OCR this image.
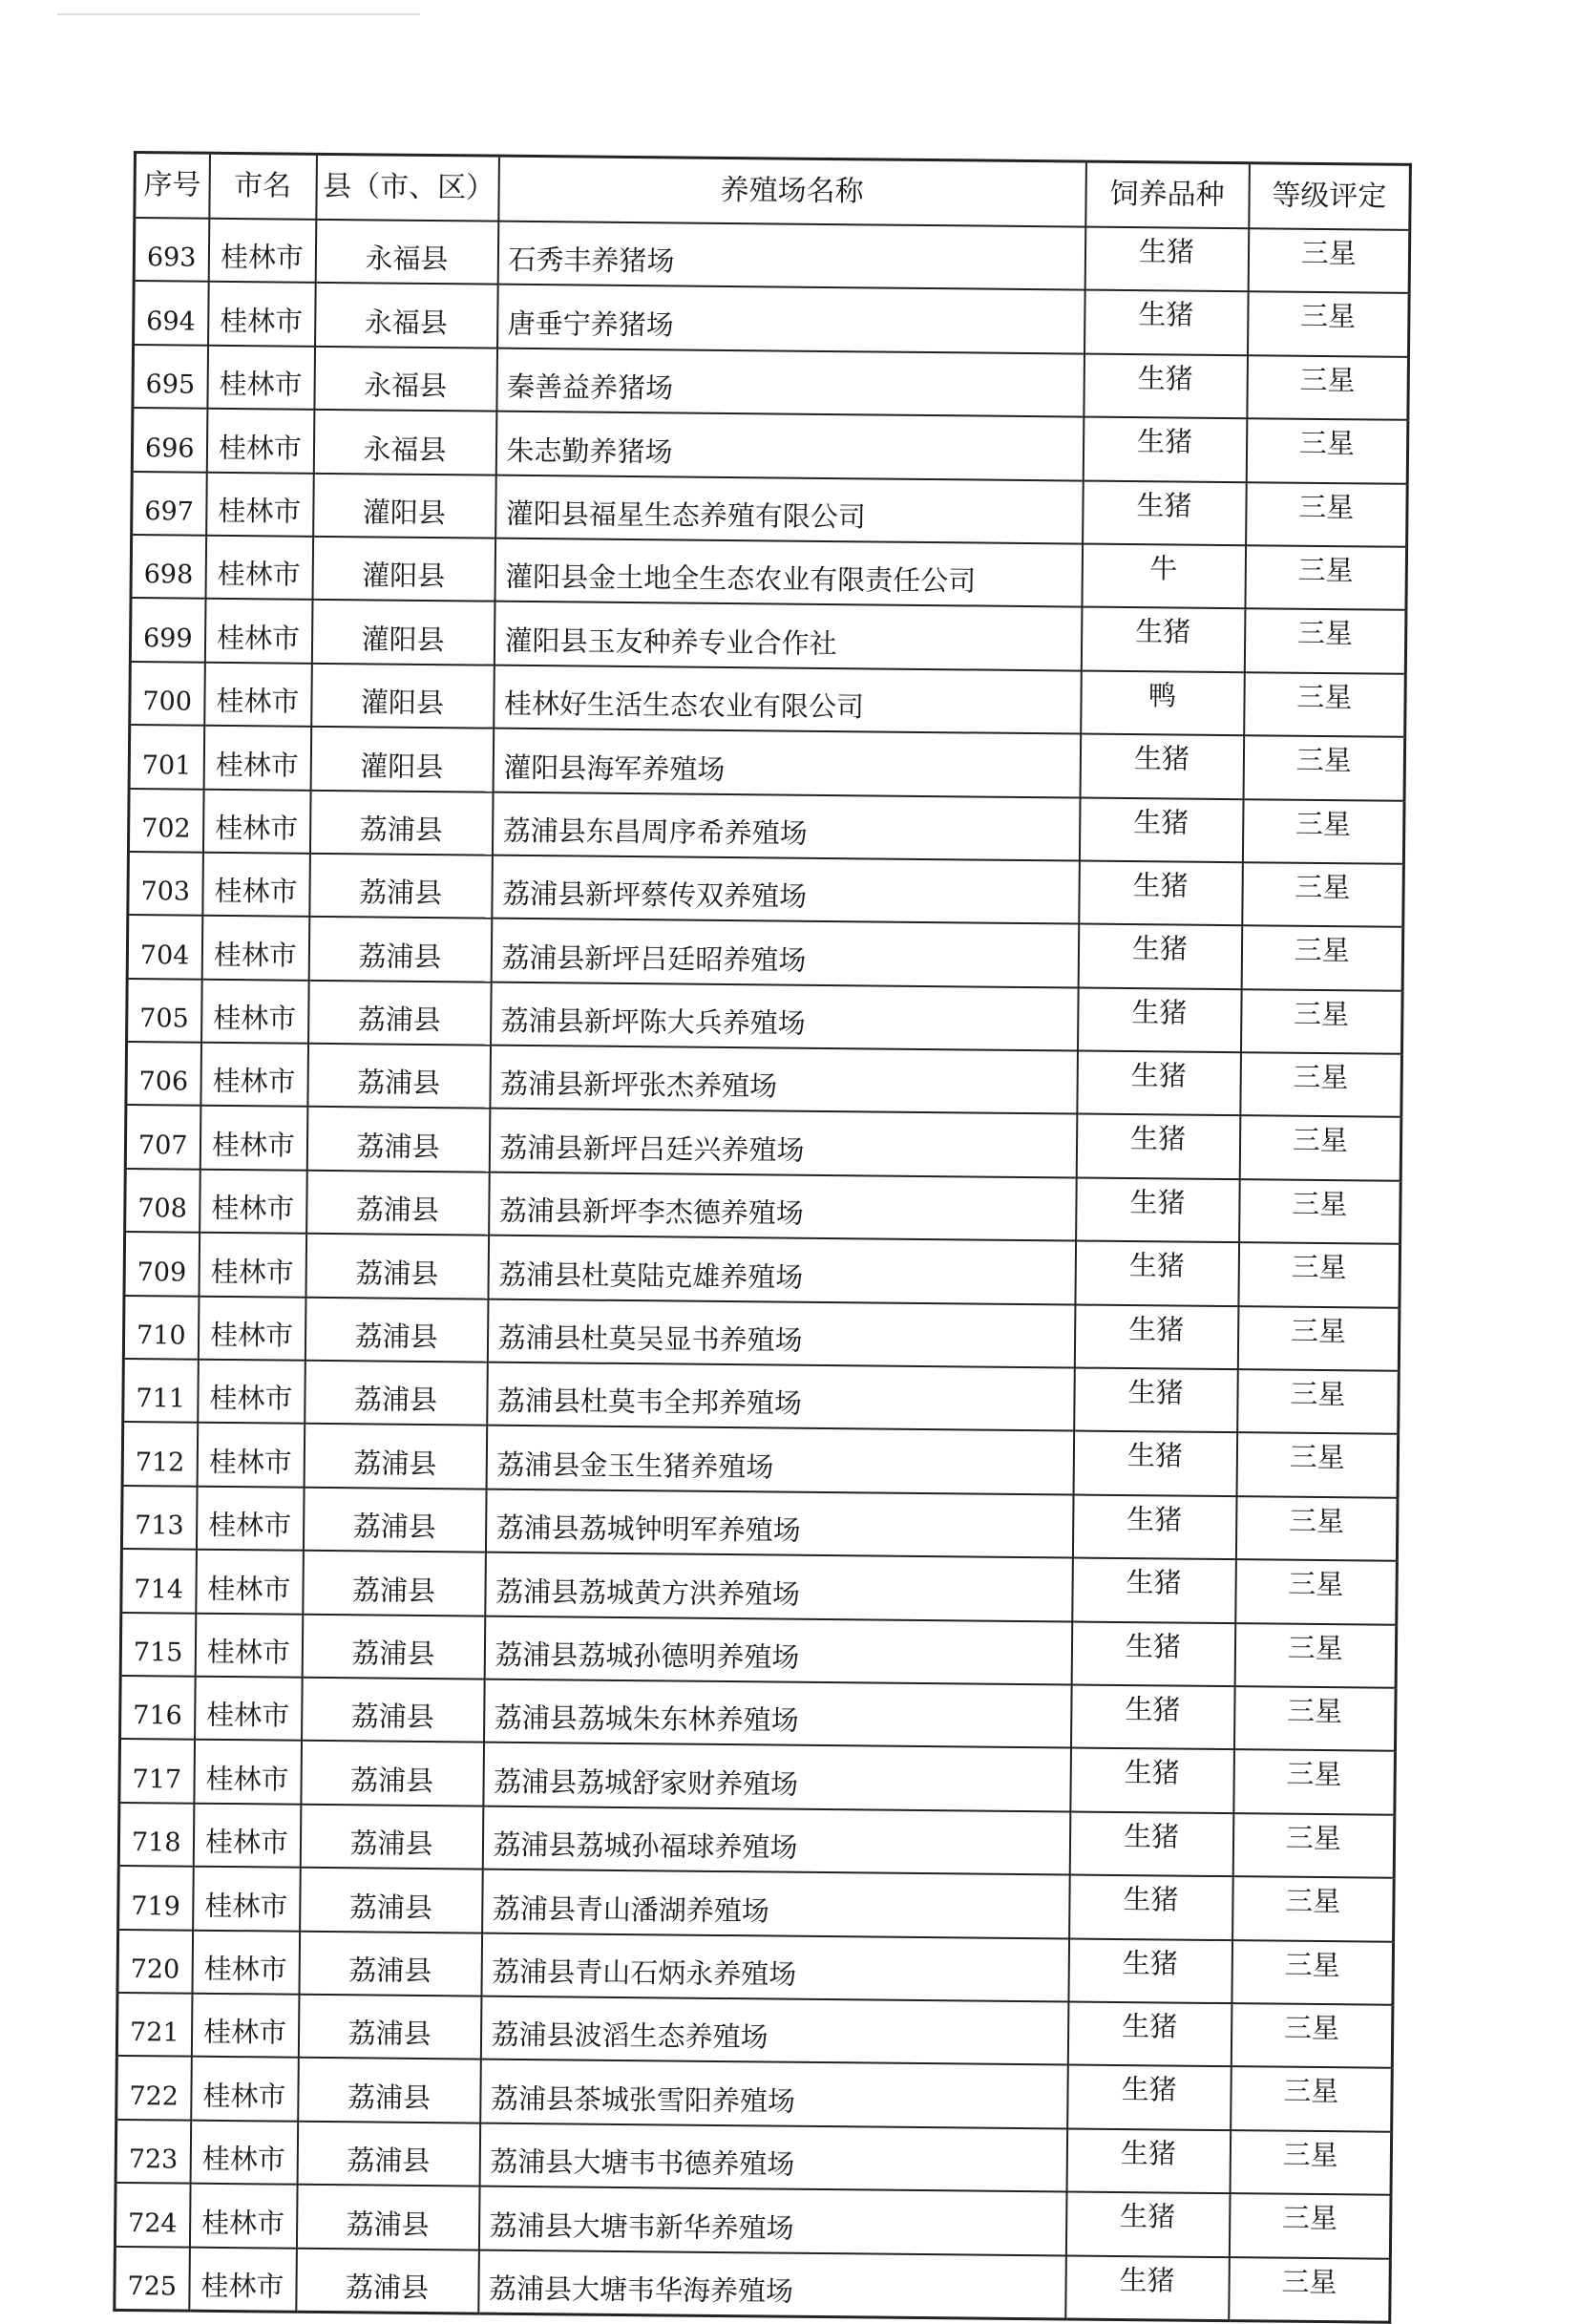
序号	市名	县（市、区）	养殖场名称	饲养品种	等级评定
693	桂林市	永福县	石秀丰养猪场	生猪	三星
694	桂林市	永福县	唐垂宁养猪场	生猪	三星
695	桂林市	永福县	秦善益养猪场	生猪	三星
696	桂林市	永福县	朱志勤养猪场	生猪	三星
697	桂林市	灌阳县	灌阳县福星生态养殖有限公司	生猪	三星
698	桂林市	灌阳县	灌阳县金土地全生态农业有限责任公司	牛	三星
699	桂林市	灌阳县	灌阳县玉友种养专业合作社	生猪	三星
700	桂林市	灌阳县	桂林好生活生态农业有限公司	鸭	三星
701	桂林市	灌阳县	灌阳县海军养殖场	生猪	三星
702	桂林市	荔浦县	荔浦县东昌周序希养殖场	生猪	三星
703	桂林市	荔浦县	荔浦县新坪蔡传双养殖场	生猪	三星
704	桂林市	荔浦县	荔浦县新坪吕廷昭养殖场	生猪	三星
705	桂林市	荔浦县	荔浦县新坪陈大兵养殖场	生猪	三星
706	桂林市	荔浦县	荔浦县新坪张杰养殖场	生猪	三星
707	桂林市	荔浦县	荔浦县新坪吕廷兴养殖场	生猪	三星
708	桂林市	荔浦县	荔浦县新坪李杰德养殖场	生猪	三星
709	桂林市	荔浦县	荔浦县杜莫陆克雄养殖场	生猪	三星
710	桂林市	荔浦县	荔浦县杜莫吴显书养殖场	生猪	三星
711	桂林市	荔浦县	荔浦县杜莫韦全邦养殖场	生猪	三星
712	桂林市	荔浦县	荔浦县金玉生猪养殖场	生猪	三星
713	桂林市	荔浦县	荔浦县荔城钟明军养殖场	生猪	三星
714	桂林市	荔浦县	荔浦县荔城黄方洪养殖场	生猪	三星
715	桂林市	荔浦县	荔浦县荔城孙德明养殖场	生猪	三星
716	桂林市	荔浦县	荔浦县荔城朱东林养殖场	生猪	三星
717	桂林市	荔浦县	荔浦县荔城舒家财养殖场	生猪	三星
718	桂林市	荔浦县	荔浦县荔城孙福球养殖场	生猪	三星
719	桂林市	荔浦县	荔浦县青山潘湖养殖场	生猪	三星
720	桂林市	荔浦县	荔浦县青山石炳永养殖场	生猪	三星
721	桂林市	荔浦县	荔浦县波滔生态养殖场	生猪	三星
722	桂林市	荔浦县	荔浦县茶城张雪阳养殖场	生猪	三星
723	桂林市	荔浦县	荔浦县大塘韦书德养殖场	生猪	三星
724	桂林市	荔浦县	荔浦县大塘韦新华养殖场	生猪	三星
725	桂林市	荔浦县	荔浦县大塘韦华海养殖场	生猪	三星
